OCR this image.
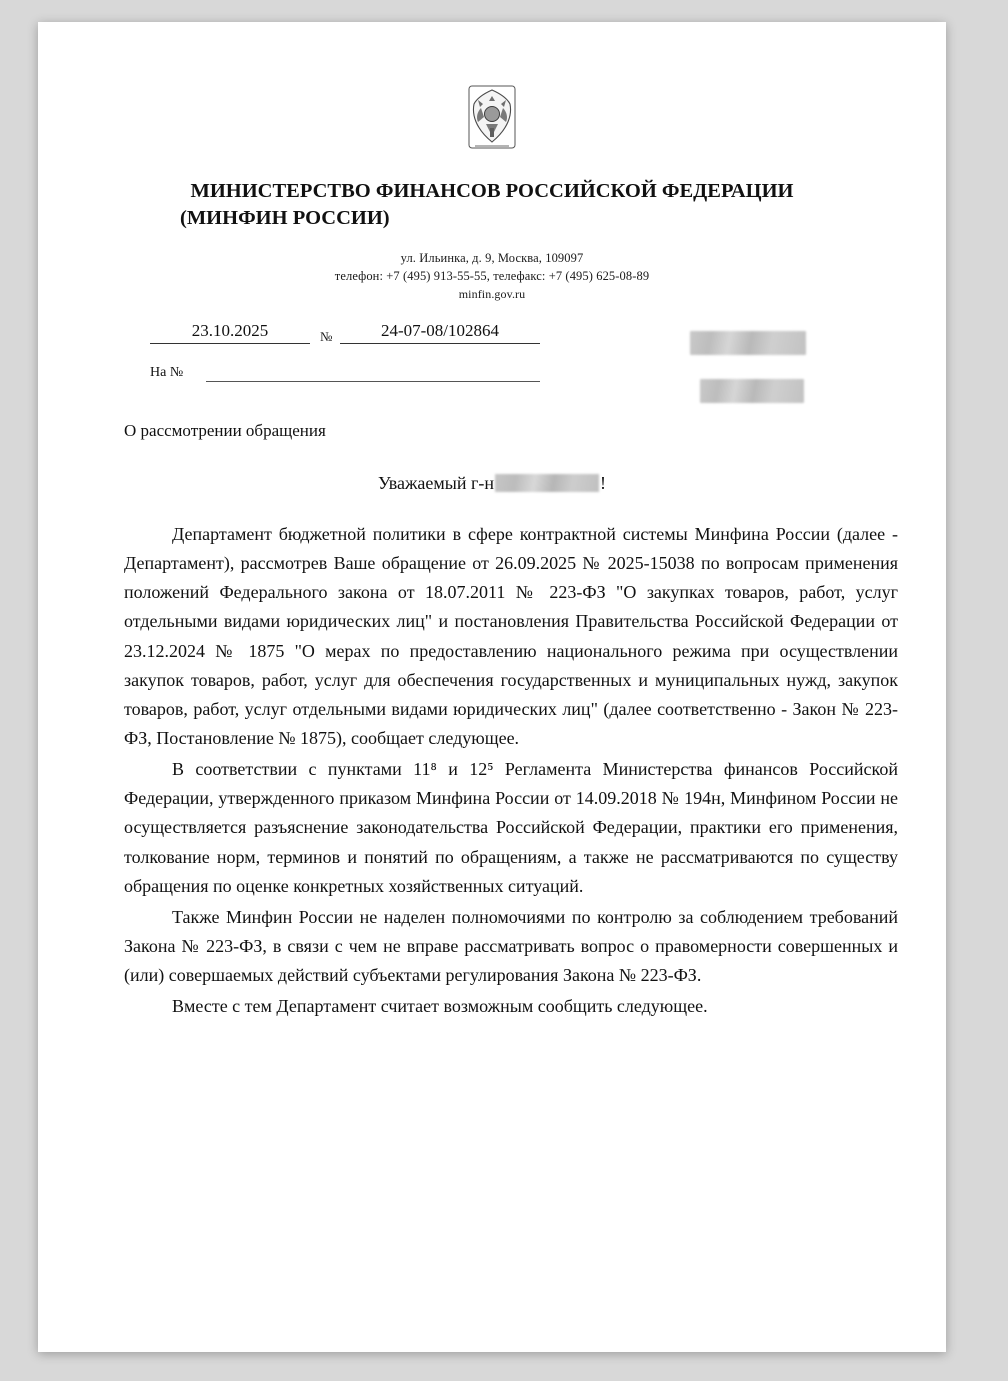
МИНИСТЕРСТВО ФИНАНСОВ РОССИЙСКОЙ ФЕДЕРАЦИИ
(МИНФИН РОССИИ)
ул. Ильинка, д. 9, Москва, 109097
телефон: +7 (495) 913-55-55, телефакс: +7 (495) 625-08-89
minfin.gov.ru
23.10.2025	№	24-07-08/102864
На №
О рассмотрении обращения
Уважаемый г-н	!

Департамент бюджетной политики в сфере контрактной системы Минфина России (далее - Департамент), рассмотрев Ваше обращение от 26.09.2025 № 2025-15038 по вопросам применения положений Федерального закона от 18.07.2011 № 223-ФЗ "О закупках товаров, работ, услуг отдельными видами юридических лиц" и постановления Правительства Российской Федерации от 23.12.2024 № 1875 "О мерах по предоставлению национального режима при осуществлении закупок товаров, работ, услуг для обеспечения государственных и муниципальных нужд, закупок товаров, работ, услуг отдельными видами юридических лиц" (далее соответственно - Закон № 223-ФЗ, Постановление № 1875), сообщает следующее.

В соответствии с пунктами 11⁸ и 12⁵ Регламента Министерства финансов Российской Федерации, утвержденного приказом Минфина России от 14.09.2018 № 194н, Минфином России не осуществляется разъяснение законодательства Российской Федерации, практики его применения, толкование норм, терминов и понятий по обращениям, а также не рассматриваются по существу обращения по оценке конкретных хозяйственных ситуаций.

Также Минфин России не наделен полномочиями по контролю за соблюдением требований Закона № 223-ФЗ, в связи с чем не вправе рассматривать вопрос о правомерности совершенных и (или) совершаемых действий субъектами регулирования Закона № 223-ФЗ.

Вместе с тем Департамент считает возможным сообщить следующее.
